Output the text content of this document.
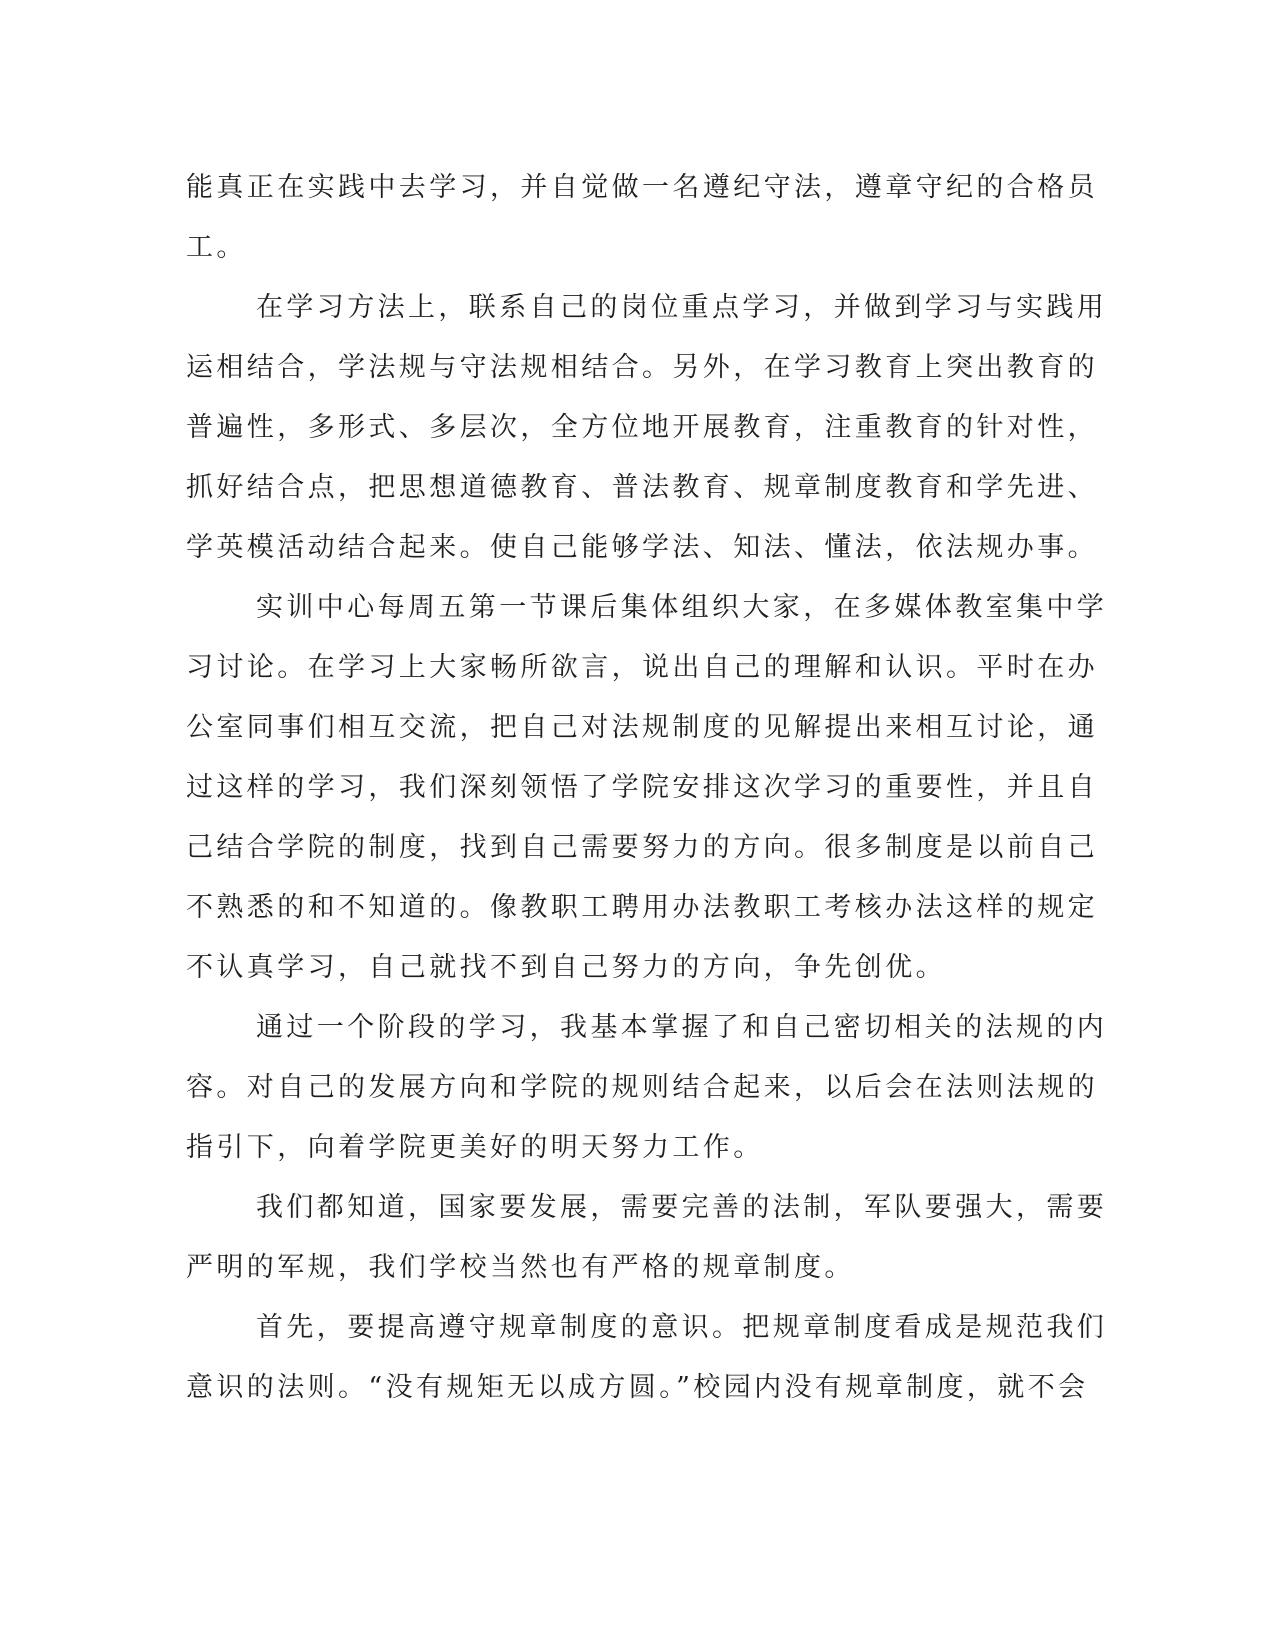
能真正在实践中去学习，并自觉做一名遵纪守法，遵章守纪的合格员
工。
在学习方法上，联系自己的岗位重点学习，并做到学习与实践用
运相结合，学法规与守法规相结合。另外，在学习教育上突出教育的
普遍性，多形式、多层次，全方位地开展教育，注重教育的针对性，
抓好结合点，把思想道德教育、普法教育、规章制度教育和学先进、
学英模活动结合起来。使自己能够学法、知法、懂法，依法规办事。
实训中心每周五第一节课后集体组织大家，在多媒体教室集中学
习讨论。在学习上大家畅所欲言，说出自己的理解和认识。平时在办
公室同事们相互交流，把自己对法规制度的见解提出来相互讨论，通
过这样的学习，我们深刻领悟了学院安排这次学习的重要性，并且自
己结合学院的制度，找到自己需要努力的方向。很多制度是以前自己
不熟悉的和不知道的。像教职工聘用办法教职工考核办法这样的规定
不认真学习，自己就找不到自己努力的方向，争先创优。
通过一个阶段的学习，我基本掌握了和自己密切相关的法规的内
容。对自己的发展方向和学院的规则结合起来，以后会在法则法规的
指引下，向着学院更美好的明天努力工作。
我们都知道，国家要发展，需要完善的法制，军队要强大，需要
严明的军规，我们学校当然也有严格的规章制度。
首先，要提高遵守规章制度的意识。把规章制度看成是规范我们
意识的法则。“没有规矩无以成方圆。”校园内没有规章制度，就不会
